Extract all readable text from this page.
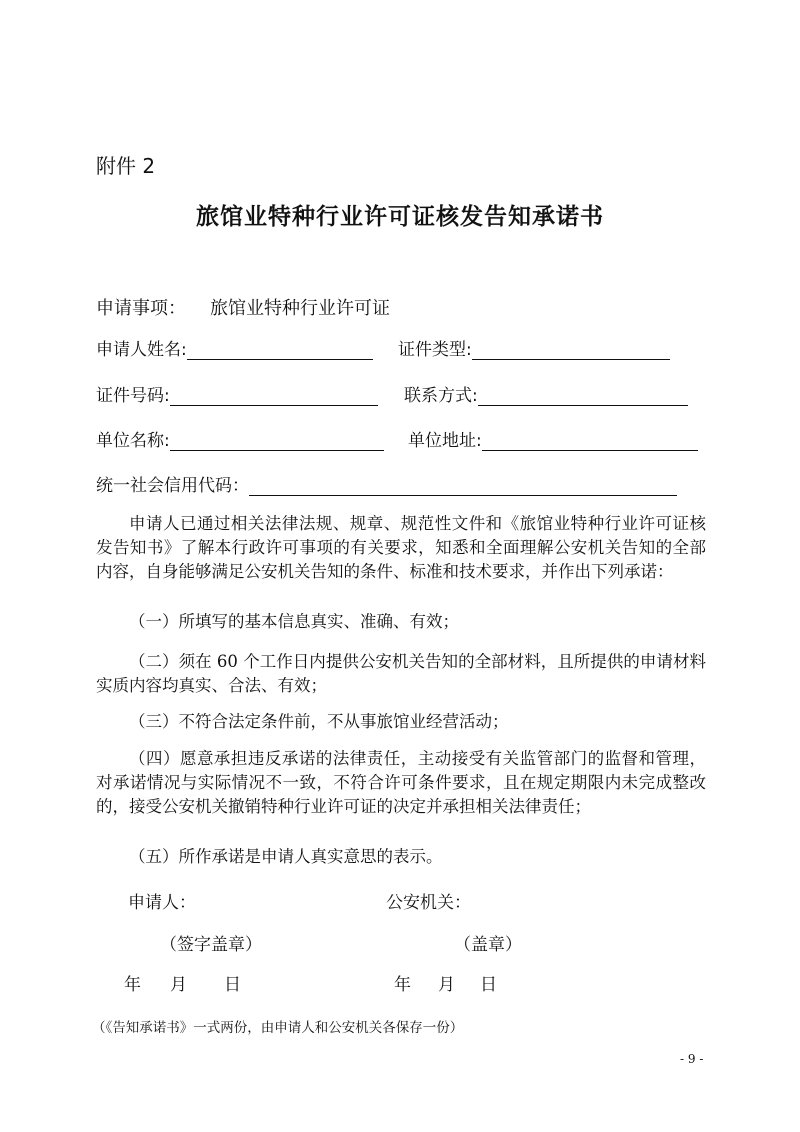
附件 2
旅馆业特种行业许可证核发告知承诺书
申请事项： 旅馆业特种行业许可证
申请人姓名:	证件类型:
证件号码:	联系方式:
单位名称:	单位地址:
统一社会信用代码：
申请人已通过相关法律法规、规章、规范性文件和《旅馆业特种行业许可证核发告知书》了解本行政许可事项的有关要求，知悉和全面理解公安机关告知的全部内容，自身能够满足公安机关告知的条件、标准和技术要求，并作出下列承诺：
（一）所填写的基本信息真实、准确、有效；
（二）须在 60 个工作日内提供公安机关告知的全部材料，且所提供的申请材料实质内容均真实、合法、有效；
（三）不符合法定条件前，不从事旅馆业经营活动；
（四）愿意承担违反承诺的法律责任，主动接受有关监管部门的监督和管理，对承诺情况与实际情况不一致，不符合许可条件要求，且在规定期限内未完成整改的，接受公安机关撤销特种行业许可证的决定并承担相关法律责任；
（五）所作承诺是申请人真实意思的表示。
申请人：	公安机关：
（签字盖章）	（盖章）
年 月 日	年 月 日
（《告知承诺书》一式两份，由申请人和公安机关各保存一份）
- 9 -
